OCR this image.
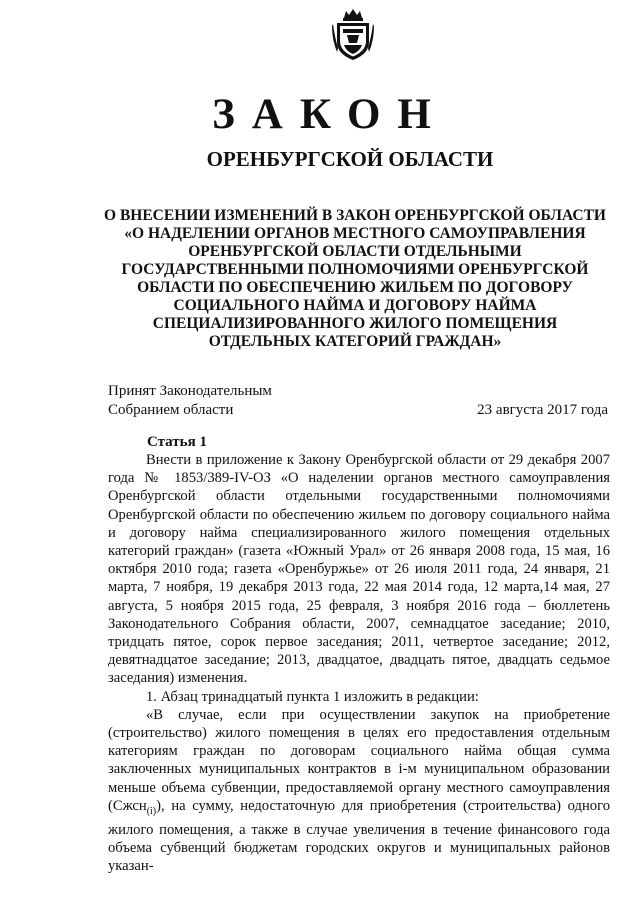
ЗАКОН
ОРЕНБУРГСКОЙ ОБЛАСТИ

О ВНЕСЕНИИ ИЗМЕНЕНИЙ В ЗАКОН ОРЕНБУРГСКОЙ ОБЛАСТИ «О НАДЕЛЕНИИ ОРГАНОВ МЕСТНОГО САМОУПРАВЛЕНИЯ ОРЕНБУРГСКОЙ ОБЛАСТИ ОТДЕЛЬНЫМИ ГОСУДАРСТВЕННЫМИ ПОЛНОМОЧИЯМИ ОРЕНБУРГСКОЙ ОБЛАСТИ ПО ОБЕСПЕЧЕНИЮ ЖИЛЬЕМ ПО ДОГОВОРУ СОЦИАЛЬНОГО НАЙМА И ДОГОВОРУ НАЙМА СПЕЦИАЛИЗИРОВАННОГО ЖИЛОГО ПОМЕЩЕНИЯ ОТДЕЛЬНЫХ КАТЕГОРИЙ ГРАЖДАН»

Принят Законодательным
Собранием области	23 августа 2017 года
Статья 1

Внести в приложение к Закону Оренбургской области от 29 декабря 2007 года № 1853/389-IV-ОЗ «О наделении органов местного самоуправления Оренбургской области отдельными государственными полномочиями Оренбургской области по обеспечению жильем по договору социального найма и договору найма специализированного жилого помещения отдельных категорий граждан» (газета «Южный Урал» от 26 января 2008 года, 15 мая, 16 октября 2010 года; газета «Оренбуржье» от 26 июля 2011 года, 24 января, 21 марта, 7 ноября, 19 декабря 2013 года, 22 мая 2014 года, 12 марта,14 мая, 27 августа, 5 ноября 2015 года, 25 февраля, 3 ноября 2016 года – бюллетень Законодательного Собрания области, 2007, семнадцатое заседание; 2010, тридцать пятое, сорок первое заседания; 2011, четвертое заседание; 2012, девятнадцатое заседание; 2013, двадцатое, двадцать пятое, двадцать седьмое заседания) изменения.

1. Абзац тринадцатый пункта 1 изложить в редакции:

«В случае, если при осуществлении закупок на приобретение (строительство) жилого помещения в целях его предоставления отдельным категориям граждан по договорам социального найма общая сумма заключенных муниципальных контрактов в i-м муниципальном образовании меньше объема субвенции, предоставляемой органу местного самоуправления (Сжсн$_{(i)}$), на сумму, недостаточную для приобретения (строительства) одного жилого помещения, а также в случае увеличения в течение финансового года объема субвенций бюджетам городских округов и муниципальных районов указан-
